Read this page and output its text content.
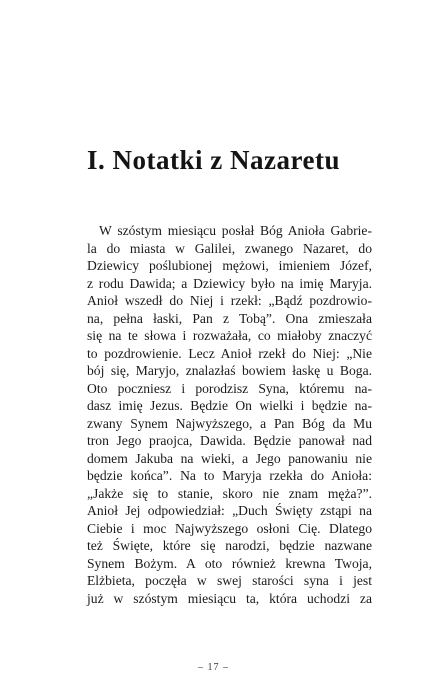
I. Notatki z Nazaretu
W szóstym miesiącu posłał Bóg Anioła Gabrie-
la do miasta w Galilei, zwanego Nazaret, do
Dziewicy poślubionej mężowi, imieniem Józef,
z rodu Dawida; a Dziewicy było na imię Maryja.
Anioł wszedł do Niej i rzekł: „Bądź pozdrowio-
na, pełna łaski, Pan z Tobą”. Ona zmieszała
się na te słowa i rozważała, co miałoby znaczyć
to pozdrowienie. Lecz Anioł rzekł do Niej: „Nie
bój się, Maryjo, znalazłaś bowiem łaskę u Boga.
Oto poczniesz i porodzisz Syna, któremu na-
dasz imię Jezus. Będzie On wielki i będzie na-
zwany Synem Najwyższego, a Pan Bóg da Mu
tron Jego praojca, Dawida. Będzie panował nad
domem Jakuba na wieki, a Jego panowaniu nie
będzie końca”. Na to Maryja rzekła do Anioła:
„Jakże się to stanie, skoro nie znam męża?”.
Anioł Jej odpowiedział: „Duch Święty zstąpi na
Ciebie i moc Najwyższego osłoni Cię. Dlatego
też Święte, które się narodzi, będzie nazwane
Synem Bożym. A oto również krewna Twoja,
Elżbieta, poczęła w swej starości syna i jest
już w szóstym miesiącu ta, która uchodzi za
– 17 –
